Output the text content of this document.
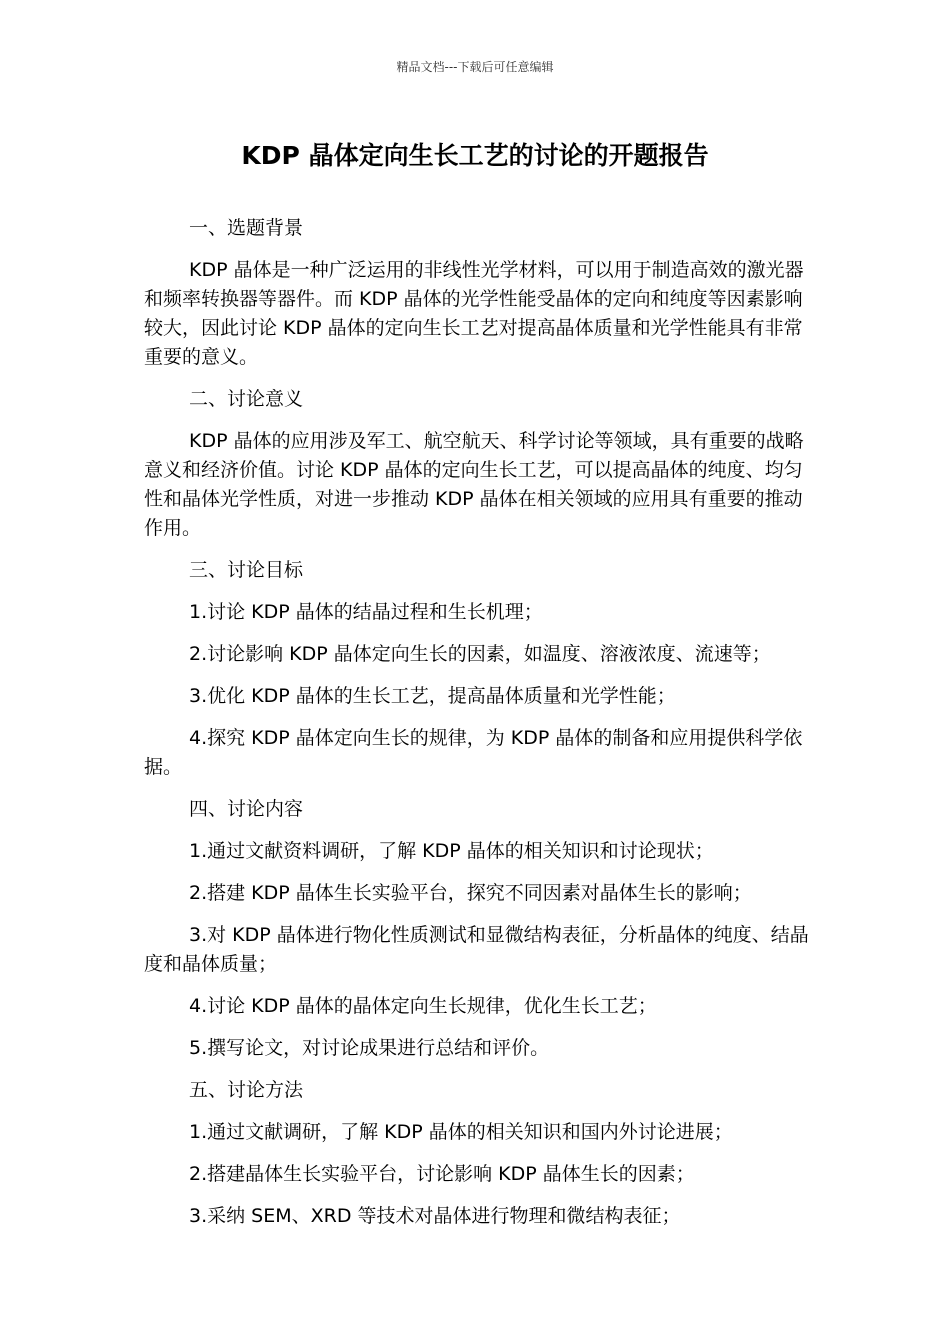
精品文档---下载后可任意编辑
KDP 晶体定向生长工艺的讨论的开题报告

一、选题背景

KDP 晶体是一种广泛运用的非线性光学材料，可以用于制造高效的激光器和频率转换器等器件。而 KDP 晶体的光学性能受晶体的定向和纯度等因素影响较大，因此讨论 KDP 晶体的定向生长工艺对提高晶体质量和光学性能具有非常重要的意义。

二、讨论意义

KDP 晶体的应用涉及军工、航空航天、科学讨论等领域，具有重要的战略意义和经济价值。讨论 KDP 晶体的定向生长工艺，可以提高晶体的纯度、均匀性和晶体光学性质，对进一步推动 KDP 晶体在相关领域的应用具有重要的推动作用。

三、讨论目标

1.讨论 KDP 晶体的结晶过程和生长机理；

2.讨论影响 KDP 晶体定向生长的因素，如温度、溶液浓度、流速等；

3.优化 KDP 晶体的生长工艺，提高晶体质量和光学性能；

4.探究 KDP 晶体定向生长的规律，为 KDP 晶体的制备和应用提供科学依据。

四、讨论内容

1.通过文献资料调研，了解 KDP 晶体的相关知识和讨论现状；

2.搭建 KDP 晶体生长实验平台，探究不同因素对晶体生长的影响；

3.对 KDP 晶体进行物化性质测试和显微结构表征，分析晶体的纯度、结晶度和晶体质量；

4.讨论 KDP 晶体的晶体定向生长规律，优化生长工艺；

5.撰写论文，对讨论成果进行总结和评价。

五、讨论方法

1.通过文献调研，了解 KDP 晶体的相关知识和国内外讨论进展；

2.搭建晶体生长实验平台，讨论影响 KDP 晶体生长的因素；

3.采纳 SEM、XRD 等技术对晶体进行物理和微结构表征；
